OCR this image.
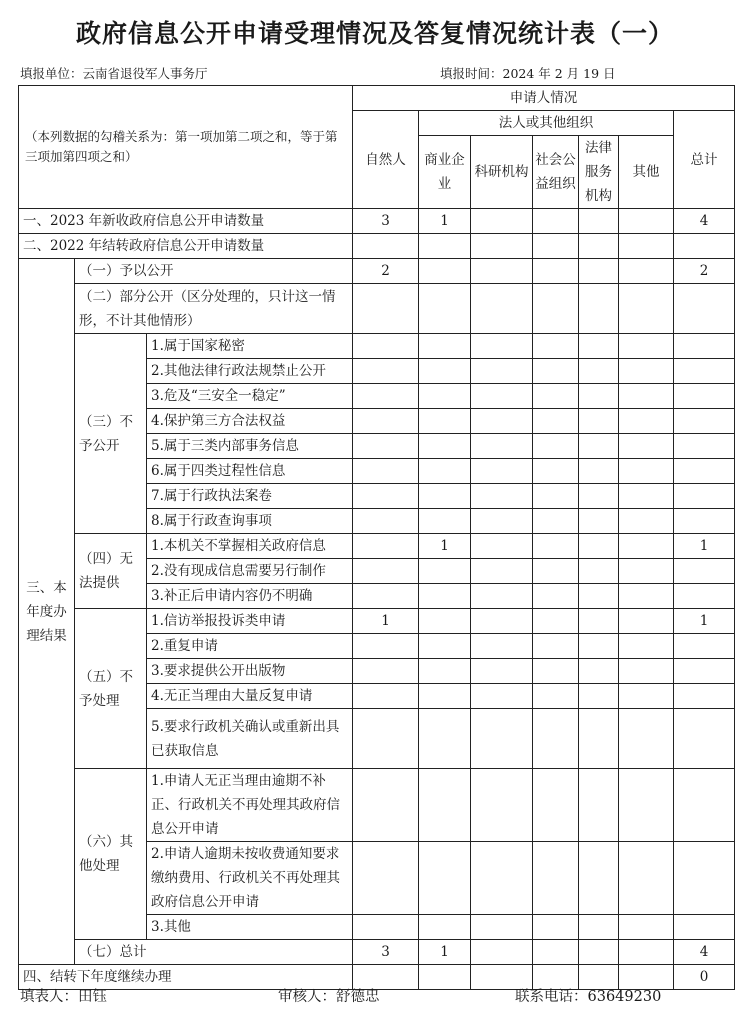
政府信息公开申请受理情况及答复情况统计表（一）
填报单位：云南省退役军人事务厅	填报时间：2024 年 2 月 19 日
（本列数据的勾稽关系为：第一项加第二项之和，等于第三项加第四项之和）			申请人情况						
			自然人	法人或其他组织					总计
				商业企业	科研机构	社会公益组织	法律服务机构	其他	
一、2023 年新收政府信息公开申请数量			3	1					4
二、2022 年结转政府信息公开申请数量									
三、本年度办理结果	（一）予以公开		2						2
	（二）部分公开（区分处理的，只计这一情形，不计其他情形）								
	（三）不予公开	1.属于国家秘密							
		2.其他法律行政法规禁止公开							
		3.危及“三安全一稳定”							
		4.保护第三方合法权益							
		5.属于三类内部事务信息							
		6.属于四类过程性信息							
		7.属于行政执法案卷							
		8.属于行政查询事项							
	（四）无法提供	1.本机关不掌握相关政府信息		1					1
		2.没有现成信息需要另行制作							
		3.补正后申请内容仍不明确							
	（五）不予处理	1.信访举报投诉类申请	1						1
		2.重复申请							
		3.要求提供公开出版物							
		4.无正当理由大量反复申请							
		5.要求行政机关确认或重新出具已获取信息							
	（六）其他处理	1.申请人无正当理由逾期不补正、行政机关不再处理其政府信息公开申请							
		2.申请人逾期未按收费通知要求缴纳费用、行政机关不再处理其政府信息公开申请							
		3.其他							
	（七）总计		3	1					4
四、结转下年度继续办理									0
填表人：田钰	审核人：舒德忠	联系电话：63649230
